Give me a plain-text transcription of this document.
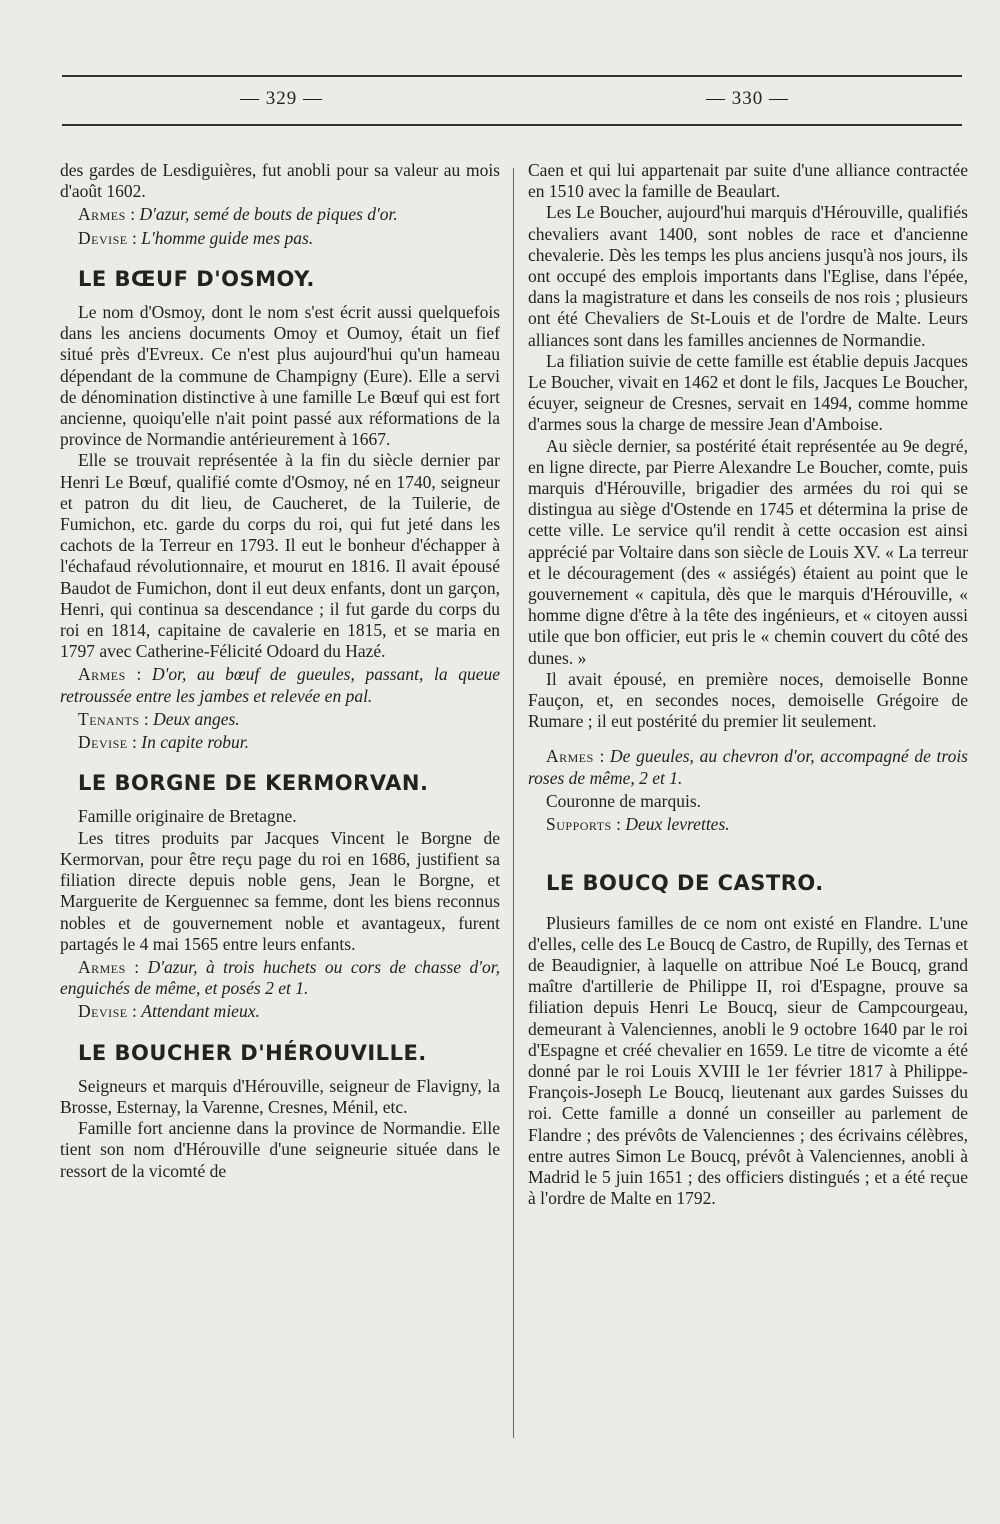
— 329 —	— 330 —

des gardes de Lesdiguières, fut anobli pour sa valeur au mois d'août 1602.

Armes : D'azur, semé de bouts de piques d'or.

Devise : L'homme guide mes pas.

LE BŒUF D'OSMOY.

Le nom d'Osmoy, dont le nom s'est écrit aussi quelquefois dans les anciens documents Omoy et Oumoy, était un fief situé près d'Evreux. Ce n'est plus aujourd'hui qu'un hameau dépendant de la commune de Champigny (Eure). Elle a servi de dénomination distinctive à une famille Le Bœuf qui est fort ancienne, quoiqu'elle n'ait point passé aux réformations de la province de Normandie antérieurement à 1667.

Elle se trouvait représentée à la fin du siècle dernier par Henri Le Bœuf, qualifié comte d'Osmoy, né en 1740, seigneur et patron du dit lieu, de Caucheret, de la Tuilerie, de Fumichon, etc. garde du corps du roi, qui fut jeté dans les cachots de la Terreur en 1793. Il eut le bonheur d'échapper à l'échafaud révolutionnaire, et mourut en 1816. Il avait épousé Baudot de Fumichon, dont il eut deux enfants, dont un garçon, Henri, qui continua sa descendance ; il fut garde du corps du roi en 1814, capitaine de cavalerie en 1815, et se maria en 1797 avec Catherine-Félicité Odoard du Hazé.

Armes : D'or, au bœuf de gueules, passant, la queue retroussée entre les jambes et relevée en pal.

Tenants : Deux anges.

Devise : In capite robur.

LE BORGNE DE KERMORVAN.

Famille originaire de Bretagne.

Les titres produits par Jacques Vincent le Borgne de Kermorvan, pour être reçu page du roi en 1686, justifient sa filiation directe depuis noble gens, Jean le Borgne, et Marguerite de Kerguennec sa femme, dont les biens reconnus nobles et de gouvernement noble et avantageux, furent partagés le 4 mai 1565 entre leurs enfants.

Armes : D'azur, à trois huchets ou cors de chasse d'or, enguichés de même, et posés 2 et 1.

Devise : Attendant mieux.

LE BOUCHER D'HÉROUVILLE.

Seigneurs et marquis d'Hérouville, seigneur de Flavigny, la Brosse, Esternay, la Varenne, Cresnes, Ménil, etc.

Famille fort ancienne dans la province de Normandie. Elle tient son nom d'Hérouville d'une seigneurie située dans le ressort de la vicomté de

Caen et qui lui appartenait par suite d'une alliance contractée en 1510 avec la famille de Beaulart.

Les Le Boucher, aujourd'hui marquis d'Hérouville, qualifiés chevaliers avant 1400, sont nobles de race et d'ancienne chevalerie. Dès les temps les plus anciens jusqu'à nos jours, ils ont occupé des emplois importants dans l'Eglise, dans l'épée, dans la magistrature et dans les conseils de nos rois ; plusieurs ont été Chevaliers de St-Louis et de l'ordre de Malte. Leurs alliances sont dans les familles anciennes de Normandie.

La filiation suivie de cette famille est établie depuis Jacques Le Boucher, vivait en 1462 et dont le fils, Jacques Le Boucher, écuyer, seigneur de Cresnes, servait en 1494, comme homme d'armes sous la charge de messire Jean d'Amboise.

Au siècle dernier, sa postérité était représentée au 9e degré, en ligne directe, par Pierre Alexandre Le Boucher, comte, puis marquis d'Hérouville, brigadier des armées du roi qui se distingua au siège d'Ostende en 1745 et détermina la prise de cette ville. Le service qu'il rendit à cette occasion est ainsi apprécié par Voltaire dans son siècle de Louis XV. « La terreur et le découragement (des « assiégés) étaient au point que le gouvernement « capitula, dès que le marquis d'Hérouville, « homme digne d'être à la tête des ingénieurs, et « citoyen aussi utile que bon officier, eut pris le « chemin couvert du côté des dunes. »

Il avait épousé, en première noces, demoiselle Bonne Fauçon, et, en secondes noces, demoiselle Grégoire de Rumare ; il eut postérité du premier lit seulement.

Armes : De gueules, au chevron d'or, accompagné de trois roses de même, 2 et 1.

Couronne de marquis.

Supports : Deux levrettes.

LE BOUCQ DE CASTRO.

Plusieurs familles de ce nom ont existé en Flandre. L'une d'elles, celle des Le Boucq de Castro, de Rupilly, des Ternas et de Beaudignier, à laquelle on attribue Noé Le Boucq, grand maître d'artillerie de Philippe II, roi d'Espagne, prouve sa filiation depuis Henri Le Boucq, sieur de Campcourgeau, demeurant à Valenciennes, anobli le 9 octobre 1640 par le roi d'Espagne et créé chevalier en 1659. Le titre de vicomte a été donné par le roi Louis XVIII le 1er février 1817 à Philippe-François-Joseph Le Boucq, lieutenant aux gardes Suisses du roi. Cette famille a donné un conseiller au parlement de Flandre ; des prévôts de Valenciennes ; des écrivains célèbres, entre autres Simon Le Boucq, prévôt à Valenciennes, anobli à Madrid le 5 juin 1651 ; des officiers distingués ; et a été reçue à l'ordre de Malte en 1792.
